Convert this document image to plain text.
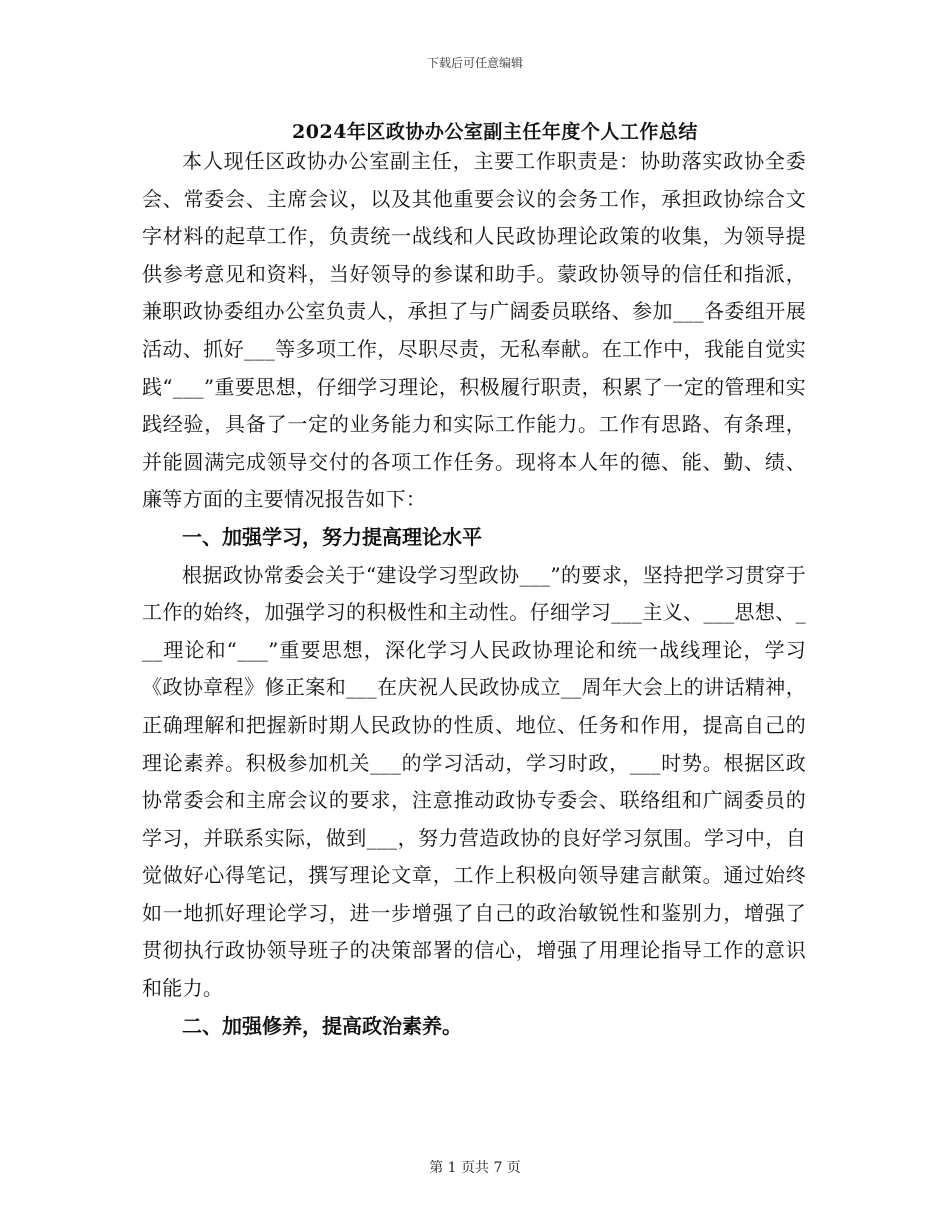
下载后可任意编辑
2024年区政协办公室副主任年度个人工作总结

本人现任区政协办公室副主任，主要工作职责是：协助落实政协全委会、常委会、主席会议，以及其他重要会议的会务工作，承担政协综合文字材料的起草工作，负责统一战线和人民政协理论政策的收集，为领导提供参考意见和资料，当好领导的参谋和助手。蒙政协领导的信任和指派，兼职政协委组办公室负责人，承担了与广阔委员联络、参加___各委组开展活动、抓好___等多项工作，尽职尽责，无私奉献。在工作中，我能自觉实践“___”重要思想，仔细学习理论，积极履行职责，积累了一定的管理和实践经验，具备了一定的业务能力和实际工作能力。工作有思路、有条理，并能圆满完成领导交付的各项工作任务。现将本人年的德、能、勤、绩、廉等方面的主要情况报告如下：

一、加强学习，努力提高理论水平

根据政协常委会关于“建设学习型政协___”的要求，坚持把学习贯穿于工作的始终，加强学习的积极性和主动性。仔细学习___主义、___思想、___理论和“___”重要思想，深化学习人民政协理论和统一战线理论，学习《政协章程》修正案和___在庆祝人民政协成立__周年大会上的讲话精神，正确理解和把握新时期人民政协的性质、地位、任务和作用，提高自己的理论素养。积极参加机关___的学习活动，学习时政，___时势。根据区政协常委会和主席会议的要求，注意推动政协专委会、联络组和广阔委员的学习，并联系实际，做到___，努力营造政协的良好学习氛围。学习中，自觉做好心得笔记，撰写理论文章，工作上积极向领导建言献策。通过始终如一地抓好理论学习，进一步增强了自己的政治敏锐性和鉴别力，增强了贯彻执行政协领导班子的决策部署的信心，增强了用理论指导工作的意识和能力。

二、加强修养，提高政治素养。

第 1 页共 7 页
